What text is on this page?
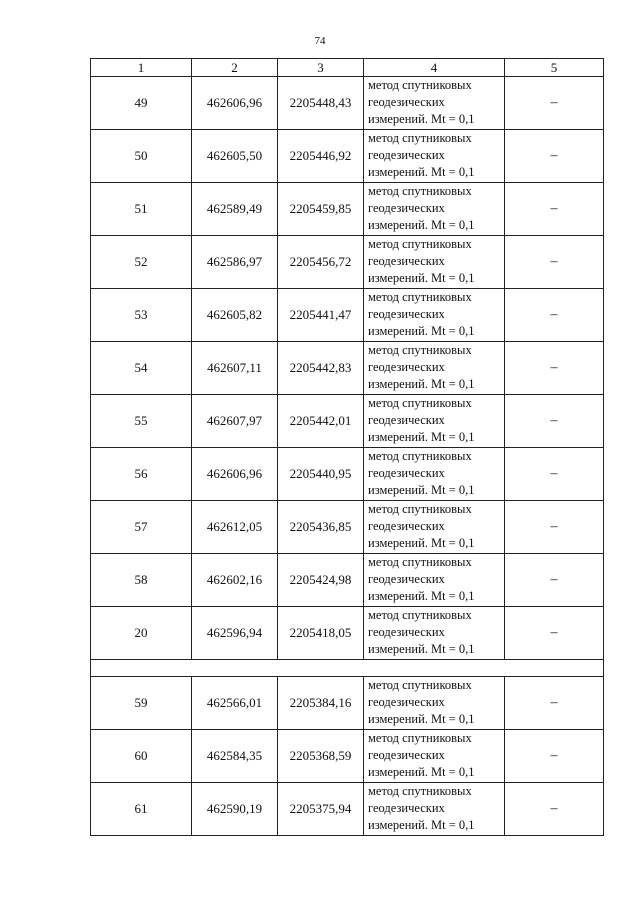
74
1	2	3	4	5
49	462606,96	2205448,43	метод спутниковых
геодезических
измерений. Mt = 0,1	–
50	462605,50	2205446,92	метод спутниковых
геодезических
измерений. Mt = 0,1	–
51	462589,49	2205459,85	метод спутниковых
геодезических
измерений. Mt = 0,1	–
52	462586,97	2205456,72	метод спутниковых
геодезических
измерений. Mt = 0,1	–
53	462605,82	2205441,47	метод спутниковых
геодезических
измерений. Mt = 0,1	–
54	462607,11	2205442,83	метод спутниковых
геодезических
измерений. Mt = 0,1	–
55	462607,97	2205442,01	метод спутниковых
геодезических
измерений. Mt = 0,1	–
56	462606,96	2205440,95	метод спутниковых
геодезических
измерений. Mt = 0,1	–
57	462612,05	2205436,85	метод спутниковых
геодезических
измерений. Mt = 0,1	–
58	462602,16	2205424,98	метод спутниковых
геодезических
измерений. Mt = 0,1	–
20	462596,94	2205418,05	метод спутниковых
геодезических
измерений. Mt = 0,1	–

59	462566,01	2205384,16	метод спутниковых
геодезических
измерений. Mt = 0,1	–
60	462584,35	2205368,59	метод спутниковых
геодезических
измерений. Mt = 0,1	–
61	462590,19	2205375,94	метод спутниковых
геодезических
измерений. Mt = 0,1	–
